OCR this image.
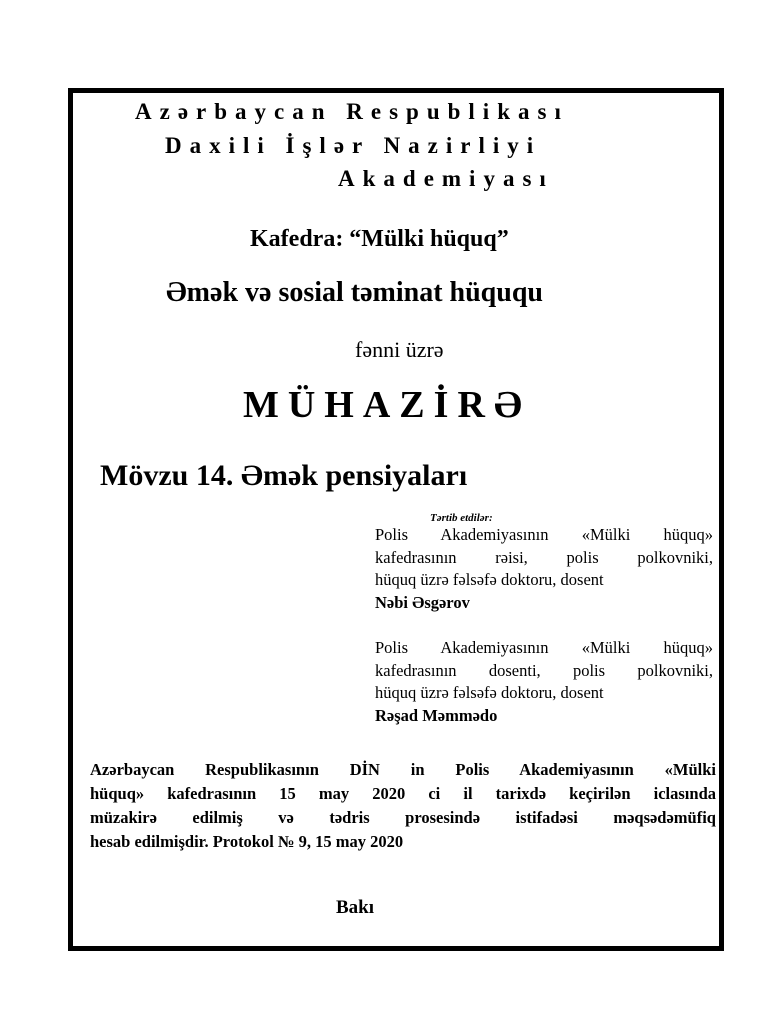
Azərbaycan Respublikası
Daxili İşlər Nazirliyi
Akademiyası
Kafedra: “Mülki hüquq”
Əmək və sosial təminat hüququ
fənni üzrə
MÜHAZİRƏ
Mövzu 14. Əmək pensiyaları
Tərtib etdilər:
Polis Akademiyasının «Mülki hüquq»
kafedrasının rəisi, polis polkovniki,
hüquq üzrə fəlsəfə doktoru, dosent
Nəbi Əsgərov
Polis Akademiyasının «Mülki hüquq»
kafedrasının dosenti, polis polkovniki,
hüquq üzrə fəlsəfə doktoru, dosent
Rəşad Məmmədo
Azərbaycan Respublikasının DİN in Polis Akademiyasının «Mülki
hüquq» kafedrasının 15 may 2020 ci il tarixdə keçirilən iclasında
müzakirə edilmiş və tədris prosesində istifadəsi məqsədəmüfiq
hesab edilmişdir. Protokol № 9, 15 may 2020
Bakı
